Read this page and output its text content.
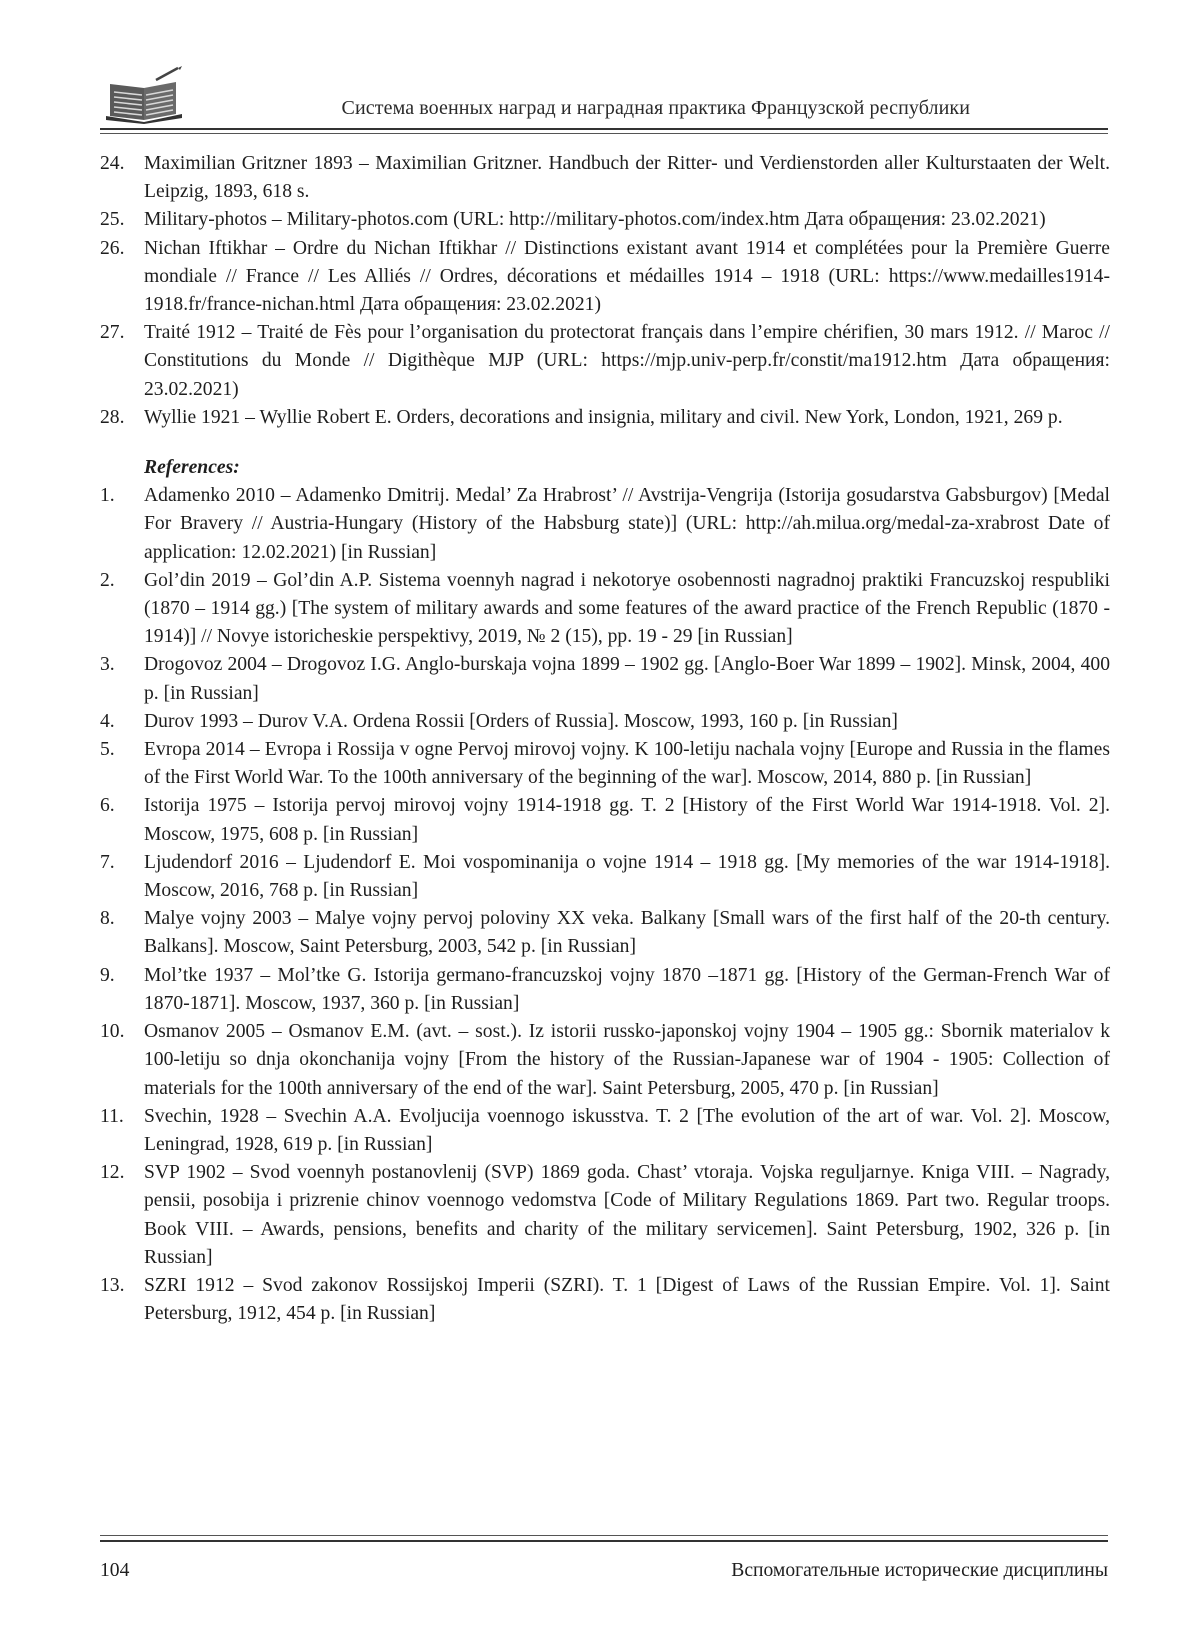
Система военных наград и наградная практика Французской республики
24. Maximilian Gritzner 1893 – Maximilian Gritzner. Handbuch der Ritter- und Verdienstorden aller Kulturstaaten der Welt. Leipzig, 1893, 618 s.
25. Military-photos – Military-photos.com (URL: http://military-photos.com/index.htm Дата обращения: 23.02.2021)
26. Nichan Iftikhar – Ordre du Nichan Iftikhar // Distinctions existant avant 1914 et complétées pour la Première Guerre mondiale // France // Les Alliés // Ordres, décorations et médailles 1914 – 1918 (URL: https://www.medailles1914-1918.fr/france-nichan.html Дата обращения: 23.02.2021)
27. Traité 1912 – Traité de Fès pour l’organisation du protectorat français dans l’empire chérifien, 30 mars 1912. // Maroc // Constitutions du Monde // Digithèque MJP (URL: https://mjp.univ-perp.fr/constit/ma1912.htm Дата обращения: 23.02.2021)
28. Wyllie 1921 – Wyllie Robert E. Orders, decorations and insignia, military and civil. New York, London, 1921, 269 p.
References:
1.	Adamenko 2010 – Adamenko Dmitrij. Medal’ Za Hrabrost’ // Avstrija-Vengrija (Istorija gosudarstva Gabsburgov) [Medal For Bravery // Austria-Hungary (History of the Habsburg state)] (URL: http://ah.milua.org/medal-za-xrabrost Date of application: 12.02.2021) [in Russian]
2.	Gol’din 2019 – Gol’din A.P. Sistema voennyh nagrad i nekotorye osobennosti nagradnoj praktiki Francuzskoj respubliki (1870 – 1914 gg.) [The system of military awards and some features of the award practice of the French Republic (1870 - 1914)] // Novye istoricheskie perspektivy, 2019, № 2 (15), pp. 19 - 29 [in Russian]
3.	Drogovoz 2004 – Drogovoz I.G. Anglo-burskaja vojna 1899 – 1902 gg. [Anglo-Boer War 1899 – 1902]. Minsk, 2004, 400 p. [in Russian]
4.	Durov 1993 – Durov V.A. Ordena Rossii [Orders of Russia]. Moscow, 1993, 160 p. [in Russian]
5.	Evropa 2014 – Evropa i Rossija v ogne Pervoj mirovoj vojny. K 100-letiju nachala vojny [Europe and Russia in the flames of the First World War. To the 100th anniversary of the beginning of the war]. Moscow, 2014, 880 p. [in Russian]
6.	Istorija 1975 – Istorija pervoj mirovoj vojny 1914-1918 gg. T. 2 [History of the First World War 1914-1918. Vol. 2]. Moscow, 1975, 608 p. [in Russian]
7.	Ljudendorf 2016 – Ljudendorf E. Moi vospominanija o vojne 1914 – 1918 gg. [My memories of the war 1914-1918]. Moscow, 2016, 768 p. [in Russian]
8.	Malye vojny 2003 – Malye vojny pervoj poloviny XX veka. Balkany [Small wars of the first half of the 20-th century. Balkans]. Moscow, Saint Petersburg, 2003, 542 p. [in Russian]
9.	Mol’tke 1937 – Mol’tke G. Istorija germano-francuzskoj vojny 1870 –1871 gg. [History of the German-French War of 1870-1871]. Moscow, 1937, 360 p. [in Russian]
10. Osmanov 2005 – Osmanov E.M. (avt. – sost.). Iz istorii russko-japonskoj vojny 1904 – 1905 gg.: Sbornik materialov k 100-letiju so dnja okonchanija vojny [From the history of the Russian-Japanese war of 1904 - 1905: Collection of materials for the 100th anniversary of the end of the war]. Saint Petersburg, 2005, 470 p. [in Russian]
11.	Svechin, 1928 – Svechin A.A. Evoljucija voennogo iskusstva. T. 2 [The evolution of the art of war. Vol. 2]. Moscow, Leningrad, 1928, 619 p. [in Russian]
12. SVP 1902 – Svod voennyh postanovlenij (SVP) 1869 goda. Chast’ vtoraja. Vojska reguljarnye. Kniga VIII. – Nagrady, pensii, posobija i prizrenie chinov voennogo vedomstva [Code of Military Regulations 1869. Part two. Regular troops. Book VIII. – Awards, pensions, benefits and charity of the military servicemen]. Saint Petersburg, 1902, 326 p. [in Russian]
13. SZRI 1912 – Svod zakonov Rossijskoj Imperii (SZRI). T. 1 [Digest of Laws of the Russian Empire. Vol. 1]. Saint Petersburg, 1912, 454 p. [in Russian]
104	Вспомогательные исторические дисциплины
